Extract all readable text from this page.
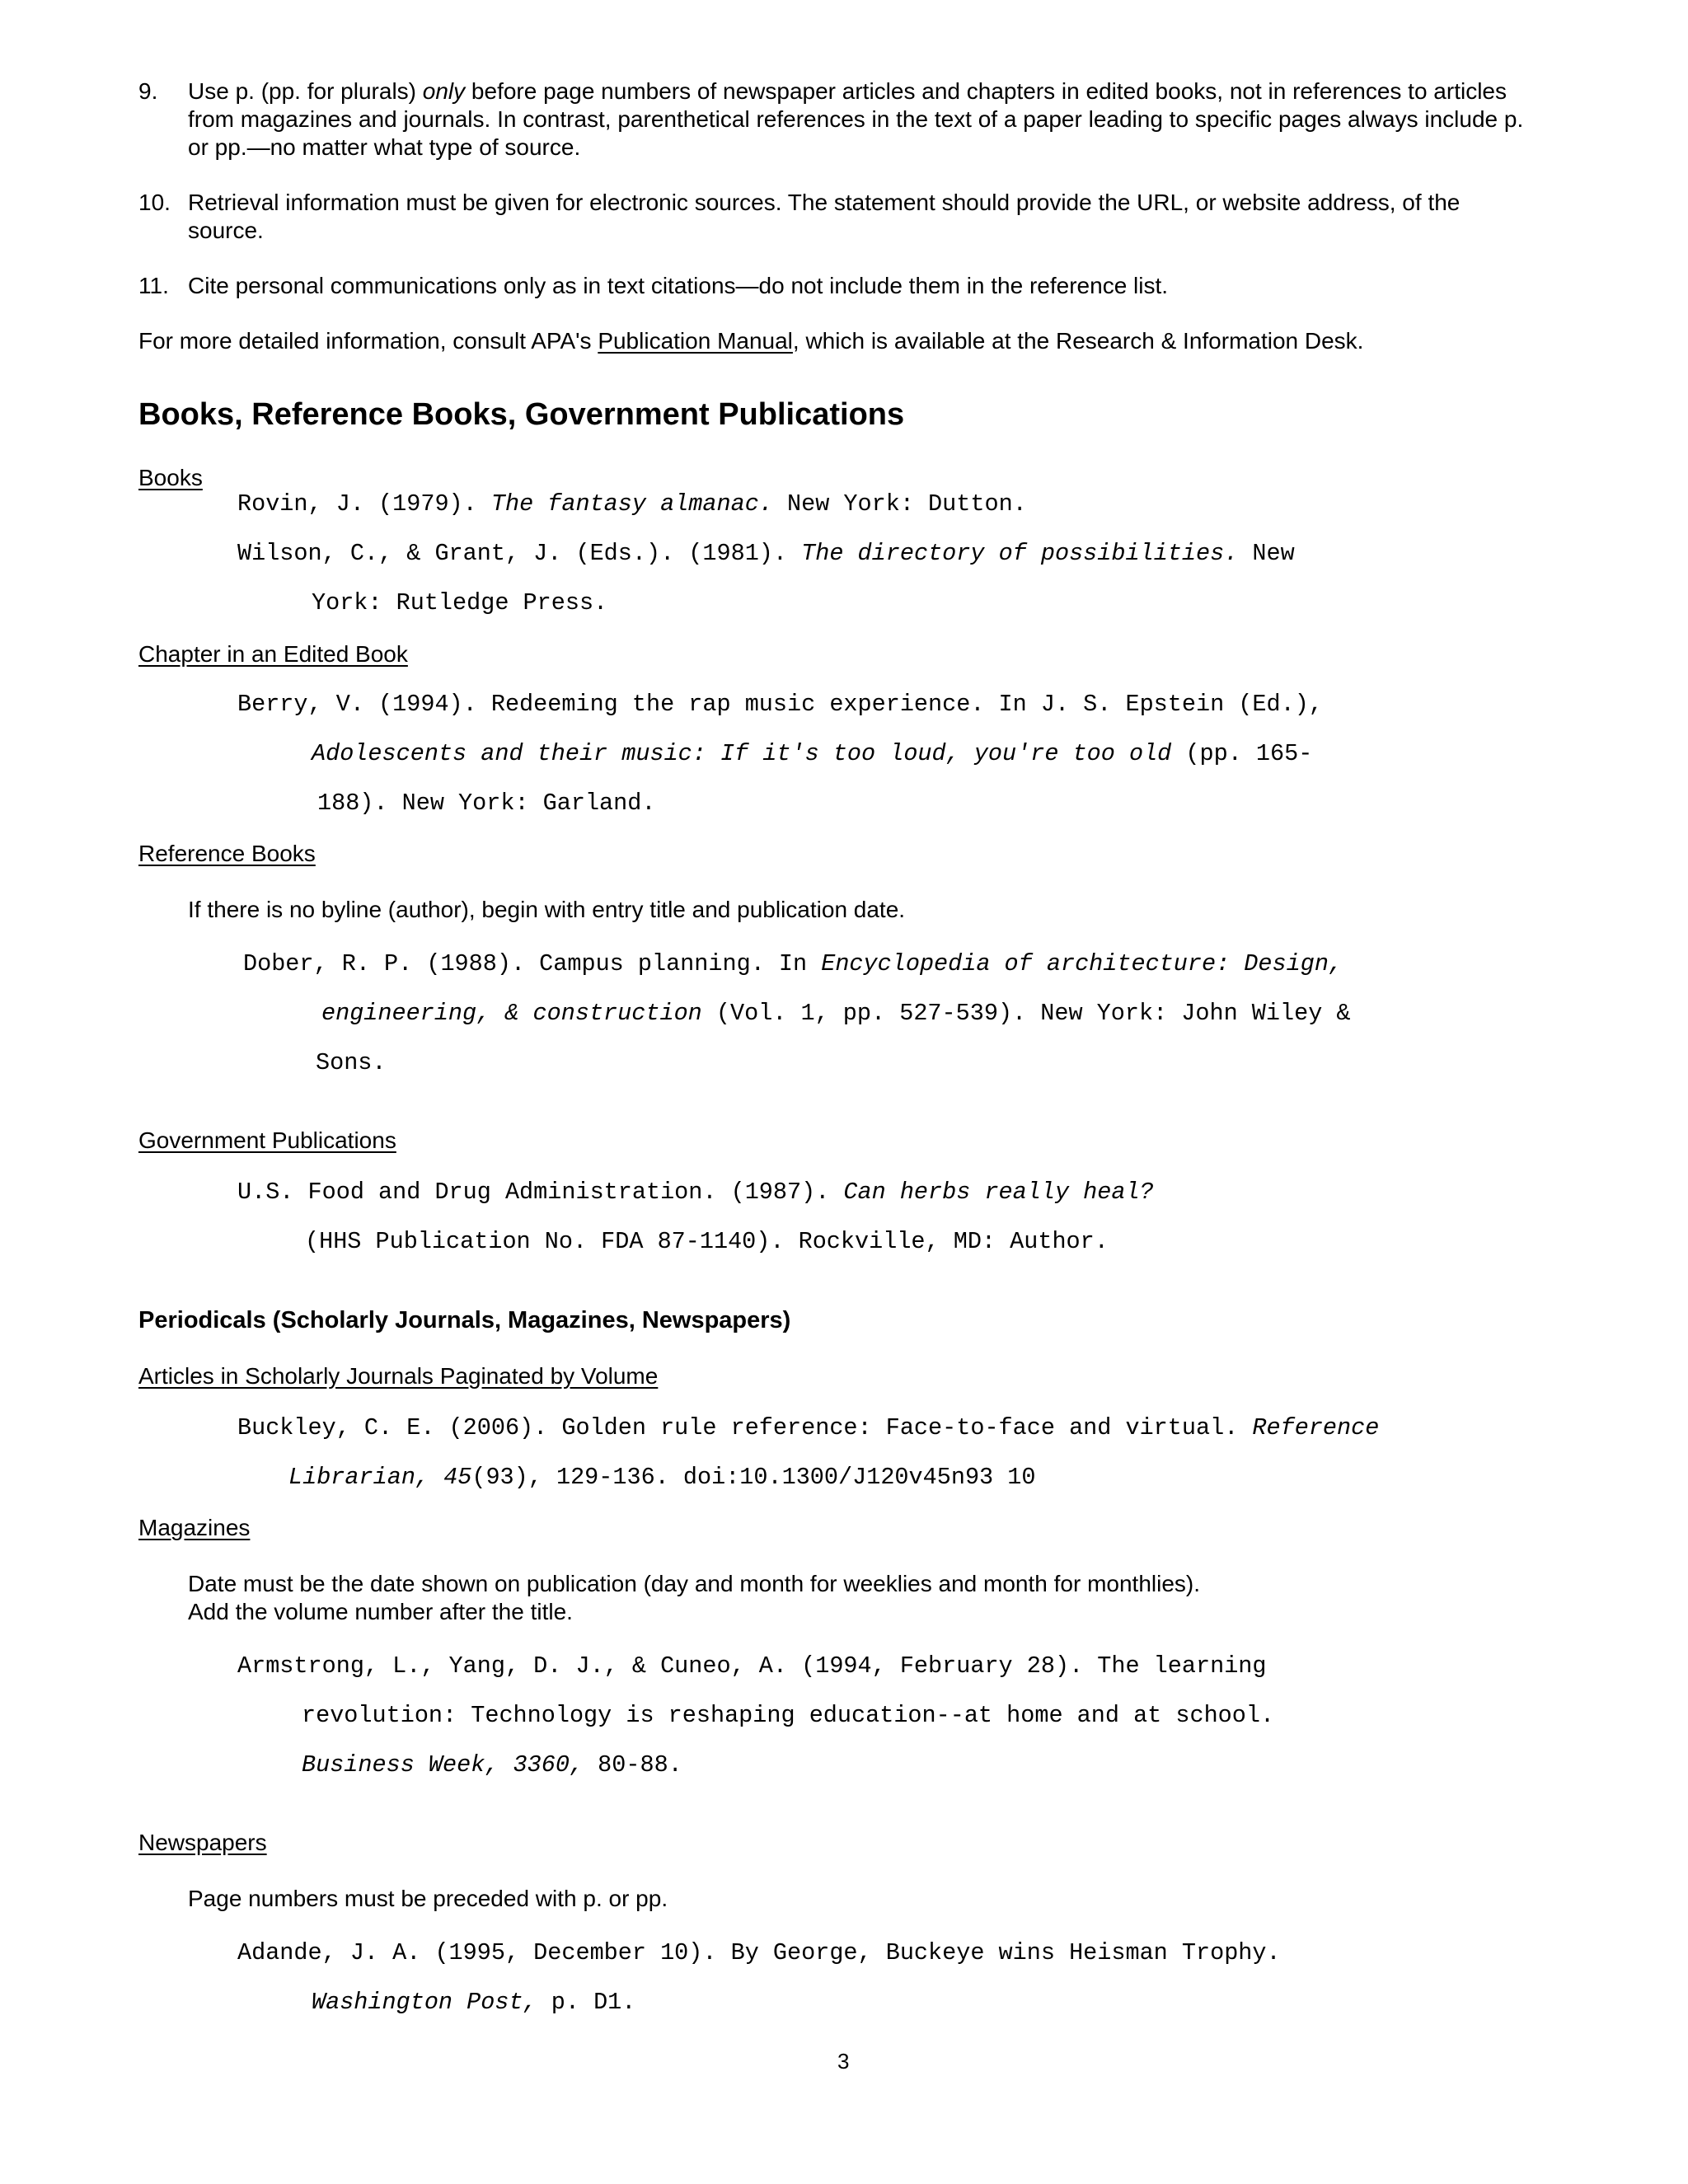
9. Use p. (pp. for plurals) only before page numbers of newspaper articles and chapters in edited books, not in references to articles from magazines and journals. In contrast, parenthetical references in the text of a paper leading to specific pages always include p. or pp.—no matter what type of source.
10. Retrieval information must be given for electronic sources. The statement should provide the URL, or website address, of the source.
11. Cite personal communications only as in text citations—do not include them in the reference list.
For more detailed information, consult APA's Publication Manual, which is available at the Research & Information Desk.
Books, Reference Books, Government Publications
Books
Rovin, J. (1979). The fantasy almanac. New York: Dutton.
Wilson, C., & Grant, J. (Eds.). (1981). The directory of possibilities. New
York: Rutledge Press.
Chapter in an Edited Book
Berry, V. (1994). Redeeming the rap music experience. In J. S. Epstein (Ed.),
Adolescents and their music: If it's too loud, you're too old (pp. 165-
188). New York: Garland.
Reference Books
If there is no byline (author), begin with entry title and publication date.
Dober, R. P. (1988). Campus planning. In Encyclopedia of architecture: Design,
engineering, & construction (Vol. 1, pp. 527-539). New York: John Wiley &
Sons.
Government Publications
U.S. Food and Drug Administration. (1987). Can herbs really heal?
(HHS Publication No. FDA 87-1140). Rockville, MD: Author.
Periodicals (Scholarly Journals, Magazines, Newspapers)
Articles in Scholarly Journals Paginated by Volume
Buckley, C. E. (2006). Golden rule reference: Face-to-face and virtual. Reference
Librarian, 45(93), 129-136. doi:10.1300/J120v45n93 10
Magazines
Date must be the date shown on publication (day and month for weeklies and month for monthlies).
Add the volume number after the title.
Armstrong, L., Yang, D. J., & Cuneo, A. (1994, February 28). The learning
revolution: Technology is reshaping education--at home and at school.
Business Week, 3360, 80-88.
Newspapers
Page numbers must be preceded with p. or pp.
Adande, J. A. (1995, December 10). By George, Buckeye wins Heisman Trophy.
Washington Post, p. D1.
3
